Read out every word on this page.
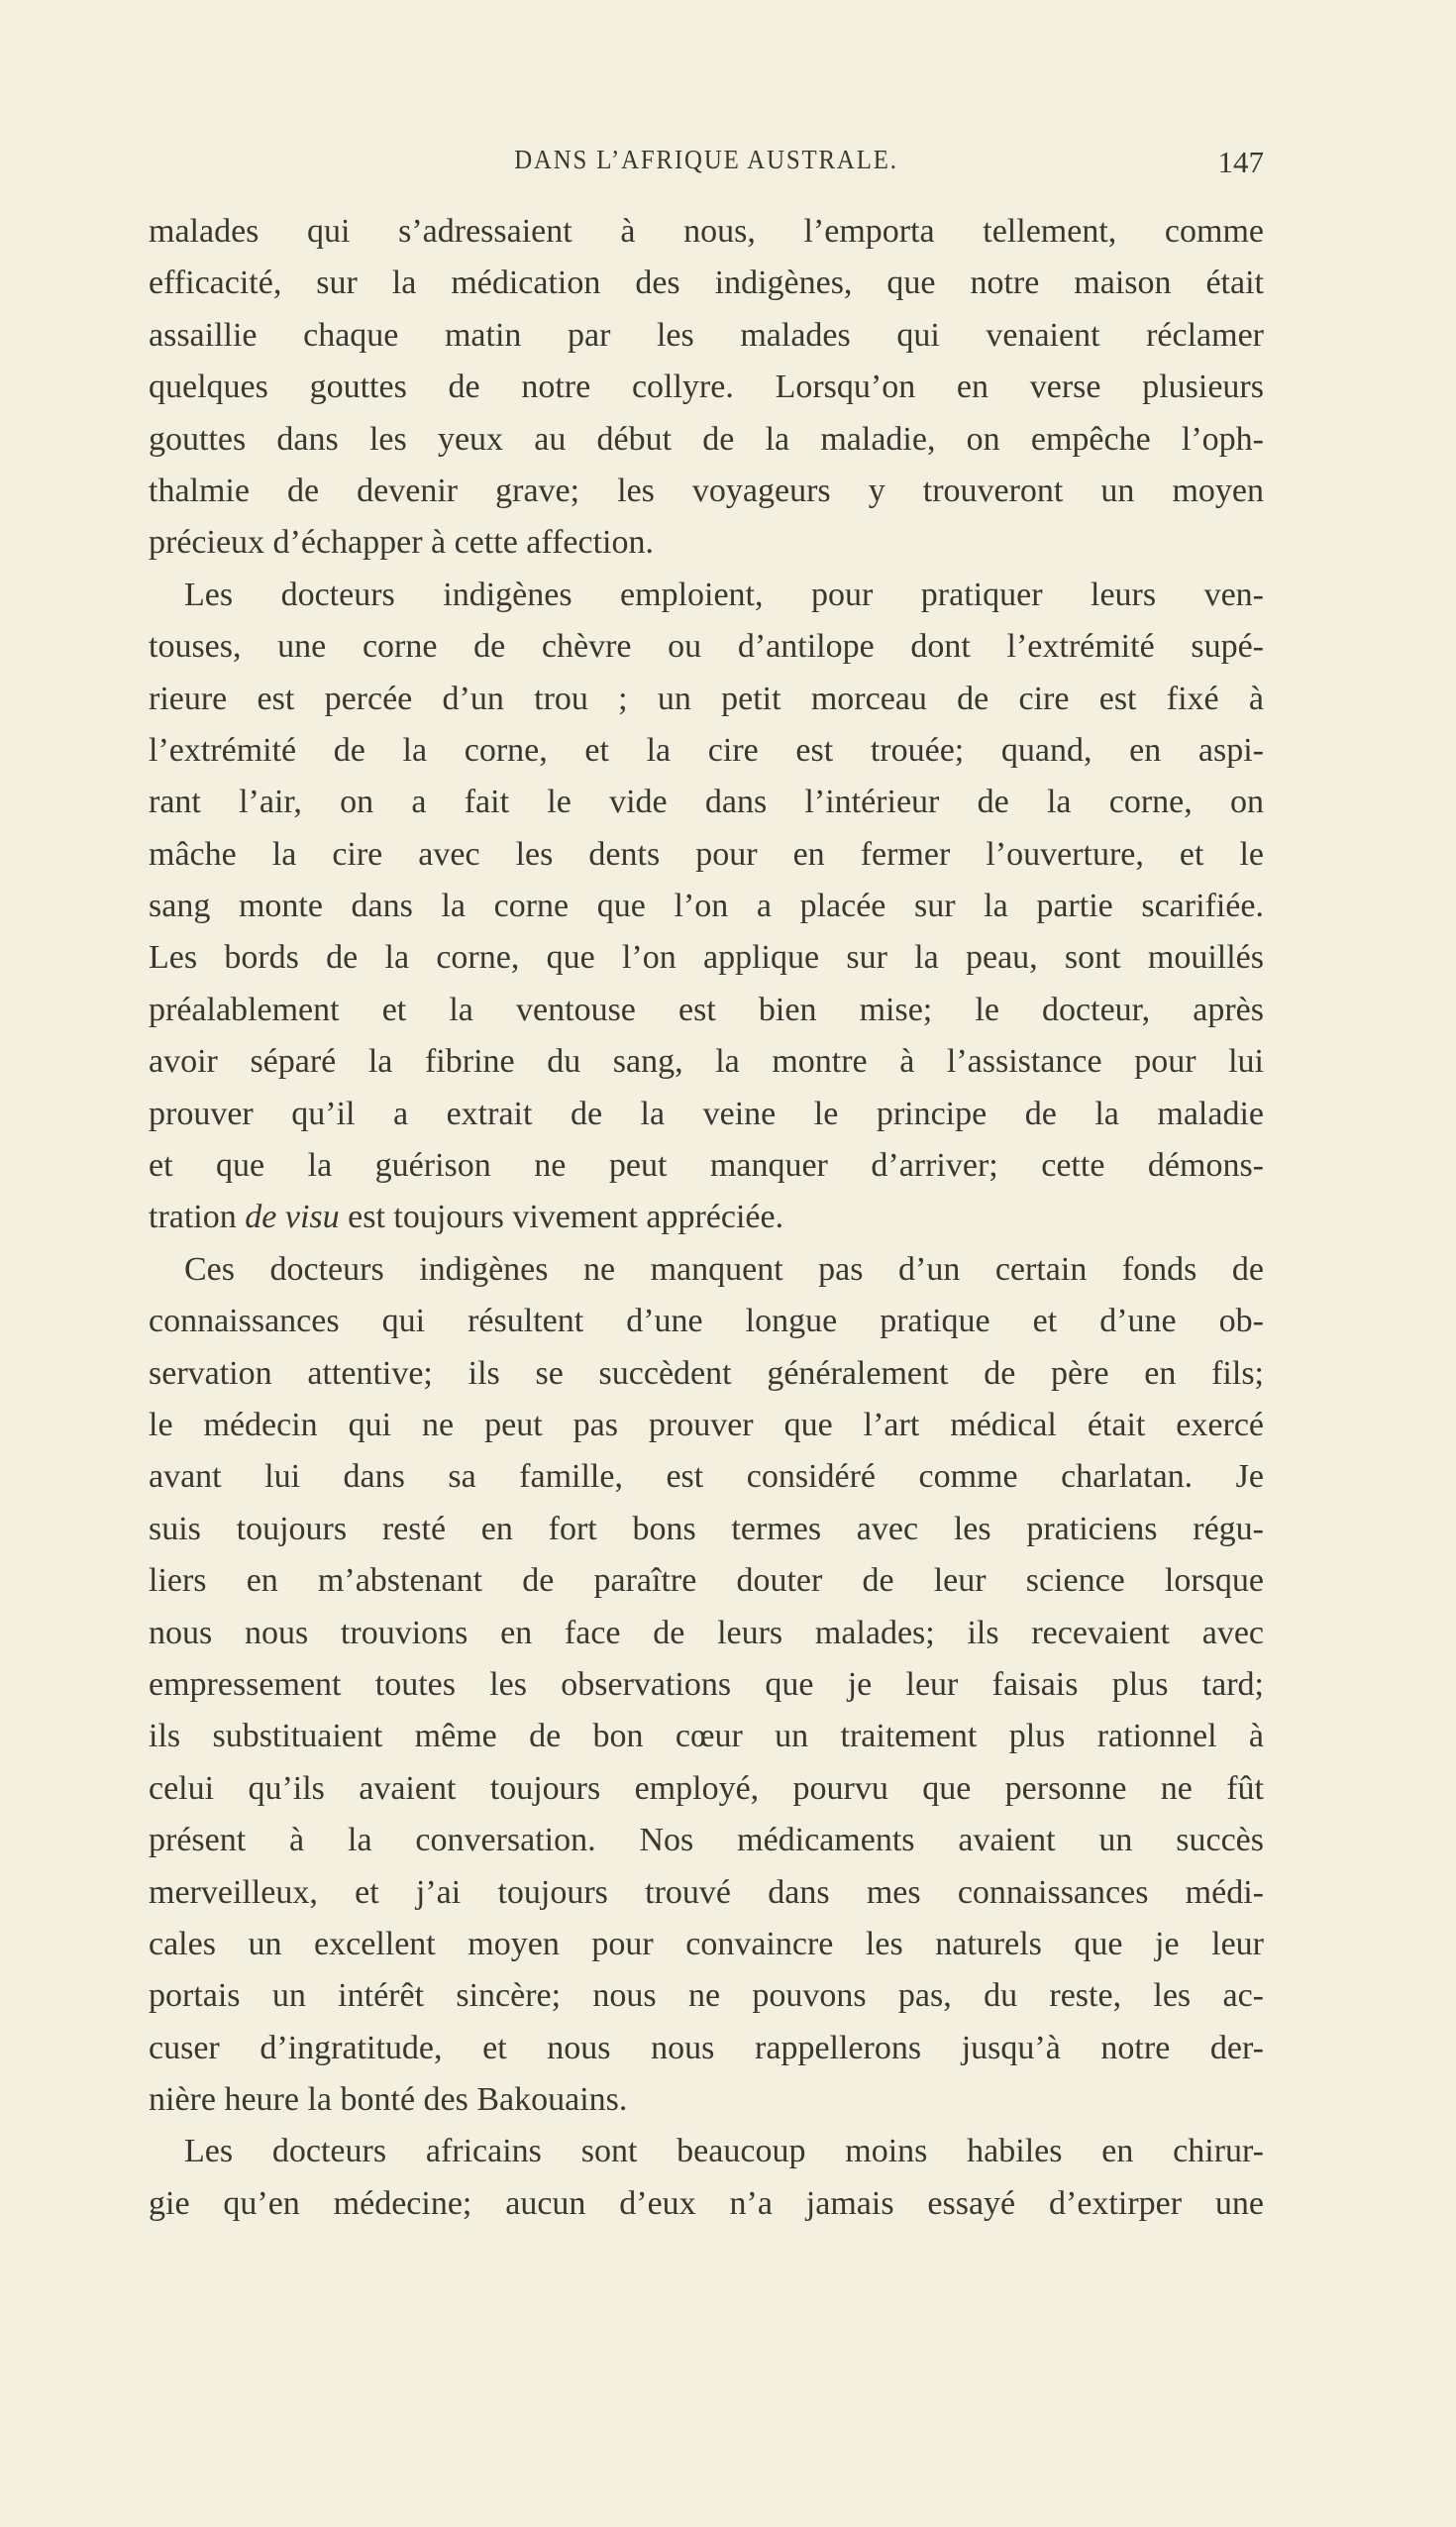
DANS L’AFRIQUE AUSTRALE.	147
malades qui s’adressaient à nous, l’emporta tellement, comme
efficacité, sur la médication des indigènes, que notre maison était
assaillie chaque matin par les malades qui venaient réclamer
quelques gouttes de notre collyre. Lorsqu’on en verse plusieurs
gouttes dans les yeux au début de la maladie, on empêche l’oph-
thalmie de devenir grave; les voyageurs y trouveront un moyen
précieux d’échapper à cette affection.
Les docteurs indigènes emploient, pour pratiquer leurs ven-
touses, une corne de chèvre ou d’antilope dont l’extrémité supé-
rieure est percée d’un trou ; un petit morceau de cire est fixé à
l’extrémité de la corne, et la cire est trouée; quand, en aspi-
rant l’air, on a fait le vide dans l’intérieur de la corne, on
mâche la cire avec les dents pour en fermer l’ouverture, et le
sang monte dans la corne que l’on a placée sur la partie scarifiée.
Les bords de la corne, que l’on applique sur la peau, sont mouillés
préalablement et la ventouse est bien mise; le docteur, après
avoir séparé la fibrine du sang, la montre à l’assistance pour lui
prouver qu’il a extrait de la veine le principe de la maladie
et que la guérison ne peut manquer d’arriver; cette démons-
tration de visu est toujours vivement appréciée.
Ces docteurs indigènes ne manquent pas d’un certain fonds de
connaissances qui résultent d’une longue pratique et d’une ob-
servation attentive; ils se succèdent généralement de père en fils;
le médecin qui ne peut pas prouver que l’art médical était exercé
avant lui dans sa famille, est considéré comme charlatan. Je
suis toujours resté en fort bons termes avec les praticiens régu-
liers en m’abstenant de paraître douter de leur science lorsque
nous nous trouvions en face de leurs malades; ils recevaient avec
empressement toutes les observations que je leur faisais plus tard;
ils substituaient même de bon cœur un traitement plus rationnel à
celui qu’ils avaient toujours employé, pourvu que personne ne fût
présent à la conversation. Nos médicaments avaient un succès
merveilleux, et j’ai toujours trouvé dans mes connaissances médi-
cales un excellent moyen pour convaincre les naturels que je leur
portais un intérêt sincère; nous ne pouvons pas, du reste, les ac-
cuser d’ingratitude, et nous nous rappellerons jusqu’à notre der-
nière heure la bonté des Bakouains.
Les docteurs africains sont beaucoup moins habiles en chirur-
gie qu’en médecine; aucun d’eux n’a jamais essayé d’extirper une
